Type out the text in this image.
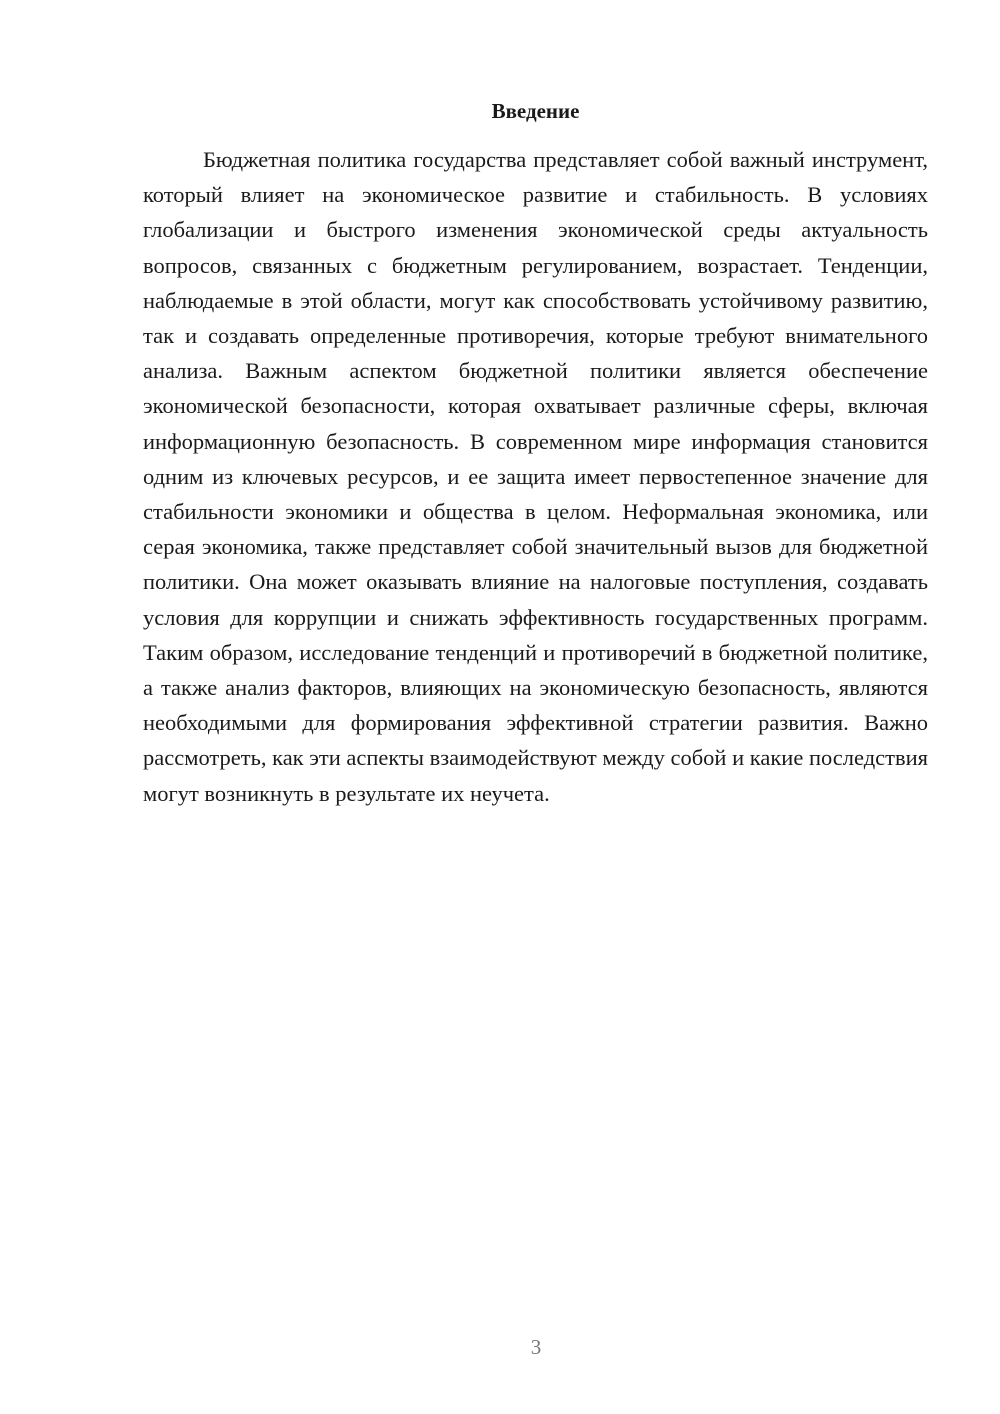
Введение

Бюджетная политика государства представляет собой важный инструмент, который влияет на экономическое развитие и стабильность. В условиях глобализации и быстрого изменения экономической среды актуальность вопросов, связанных с бюджетным регулированием, возрастает. Тенденции, наблюдаемые в этой области, могут как способствовать устойчивому развитию, так и создавать определенные противоречия, которые требуют внимательного анализа. Важным аспектом бюджетной политики является обеспечение экономической безопасности, которая охватывает различные сферы, включая информационную безопасность. В современном мире информация становится одним из ключевых ресурсов, и ее защита имеет первостепенное значение для стабильности экономики и общества в целом. Неформальная экономика, или серая экономика, также представляет собой значительный вызов для бюджетной политики. Она может оказывать влияние на налоговые поступления, создавать условия для коррупции и снижать эффективность государственных программ. Таким образом, исследование тенденций и противоречий в бюджетной политике, а также анализ факторов, влияющих на экономическую безопасность, являются необходимыми для формирования эффективной стратегии развития. Важно рассмотреть, как эти аспекты взаимодействуют между собой и какие последствия могут возникнуть в результате их неучета.

3
